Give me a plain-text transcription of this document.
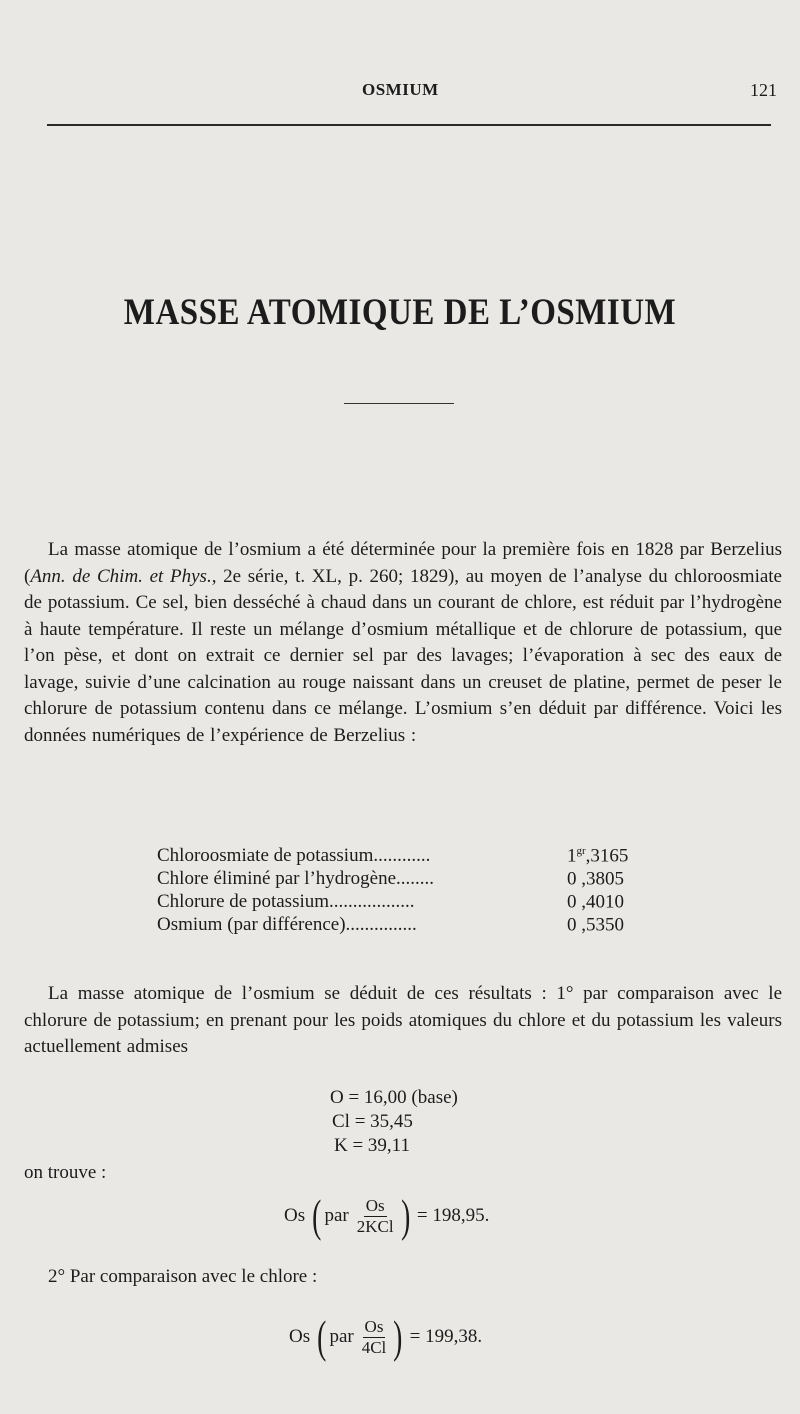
OSMIUM	121
MASSE ATOMIQUE DE L’OSMIUM
La masse atomique de l’osmium a été déterminée pour la première fois en 1828 par Berzelius (Ann. de Chim. et Phys., 2e série, t. XL, p. 260; 1829), au moyen de l’analyse du chloroosmiate de potassium. Ce sel, bien desséché à chaud dans un courant de chlore, est réduit par l’hydrogène à haute température. Il reste un mélange d’osmium métallique et de chlorure de potassium, que l’on pèse, et dont on extrait ce dernier sel par des lavages; l’évaporation à sec des eaux de lavage, suivie d’une calcination au rouge naissant dans un creuset de platine, permet de peser le chlorure de potassium contenu dans ce mélange. L’osmium s’en déduit par différence. Voici les données numériques de l’expérience de Berzelius :
Chloroosmiate de potassium............	$1^{gr},3165$
Chlore éliminé par l’hydrogène........	0 ,3805
Chlorure de potassium..................	0 ,4010
Osmium (par différence)...............	0 ,5350
La masse atomique de l’osmium se déduit de ces résultats : 1° par comparaison avec le chlorure de potassium; en prenant pour les poids atomiques du chlore et du potassium les valeurs actuellement admises
O = 16,00 (base)
Cl = 35,45
K = 39,11
on trouve :
Os ( par $\frac{Os}{\text{2KCl}}$ ) = 198,95.
2° Par comparaison avec le chlore :
Os ( par $\frac{Os}{4Cl}$ ) = 199,38.
